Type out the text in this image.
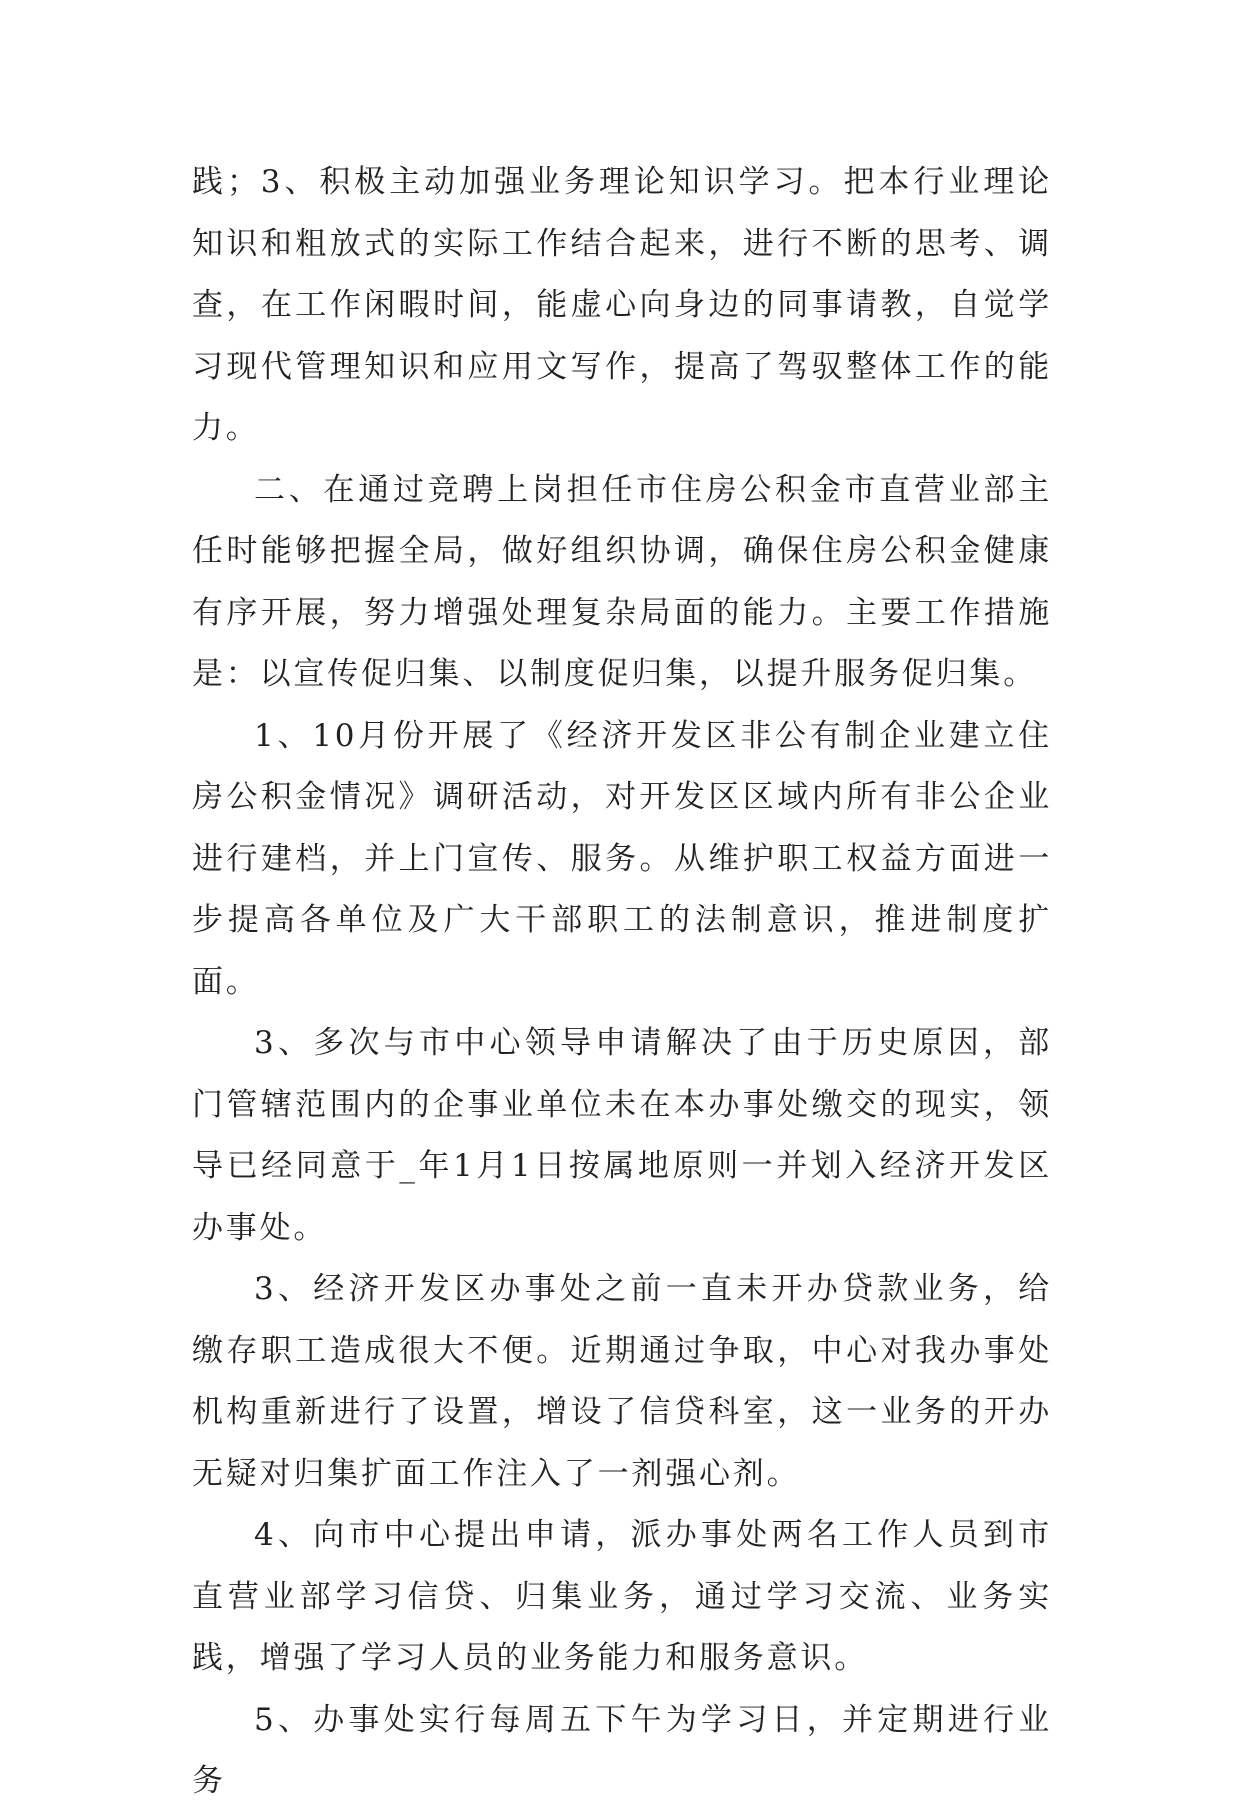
践；3、积极主动加强业务理论知识学习。把本行业理论知识和粗放式的实际工作结合起来，进行不断的思考、调查，在工作闲暇时间，能虚心向身边的同事请教，自觉学习现代管理知识和应用文写作，提高了驾驭整体工作的能力。

二、在通过竞聘上岗担任市住房公积金市直营业部主任时能够把握全局，做好组织协调，确保住房公积金健康有序开展，努力增强处理复杂局面的能力。主要工作措施是：以宣传促归集、以制度促归集，以提升服务促归集。

1、10月份开展了《经济开发区非公有制企业建立住房公积金情况》调研活动，对开发区区域内所有非公企业进行建档，并上门宣传、服务。从维护职工权益方面进一步提高各单位及广大干部职工的法制意识，推进制度扩面。

3、多次与市中心领导申请解决了由于历史原因，部门管辖范围内的企事业单位未在本办事处缴交的现实，领导已经同意于_年1月1日按属地原则一并划入经济开发区办事处。

3、经济开发区办事处之前一直未开办贷款业务，给缴存职工造成很大不便。近期通过争取，中心对我办事处机构重新进行了设置，增设了信贷科室，这一业务的开办无疑对归集扩面工作注入了一剂强心剂。

4、向市中心提出申请，派办事处两名工作人员到市直营业部学习信贷、归集业务，通过学习交流、业务实践，增强了学习人员的业务能力和服务意识。

5、办事处实行每周五下午为学习日，并定期进行业务
